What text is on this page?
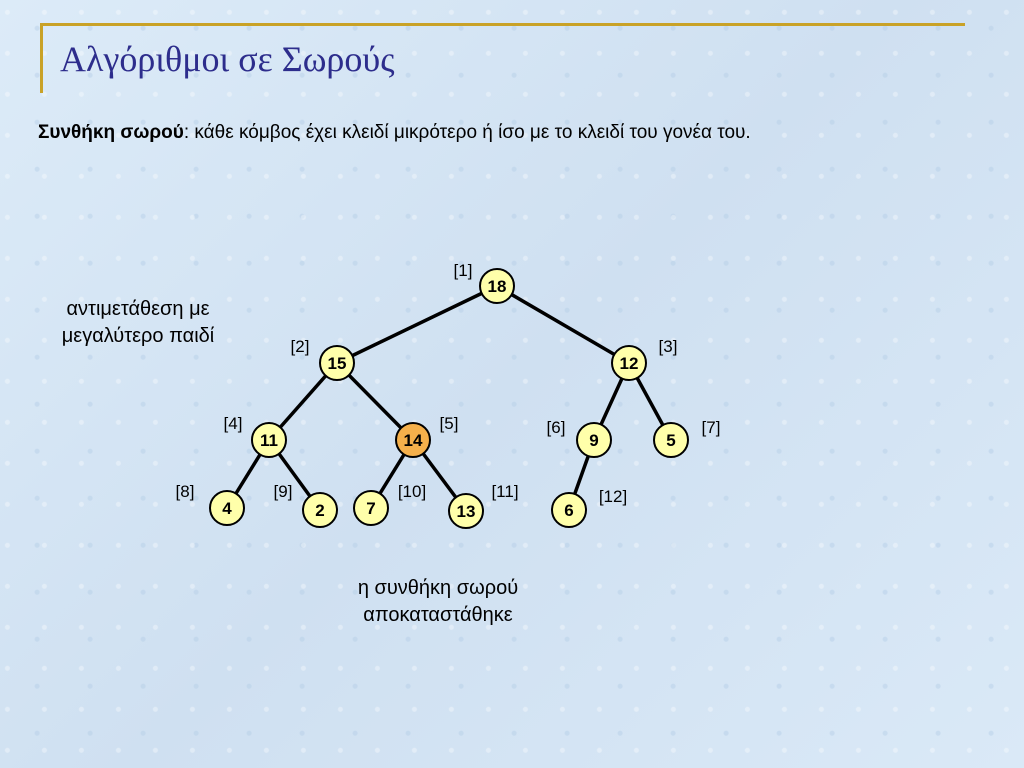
Αλγόριθμοι σε Σωρούς
Συνθήκη σωρού: κάθε κόμβος έχει κλειδί μικρότερο ή ίσο με το κλειδί του γονέα του.
αντιμετάθεση με
μεγαλύτερο παιδί
η συνθήκη σωρού
αποκαταστάθηκε
18
[1]
15
[2]
12
[3]
11
[4]
14
[5]
9
[6]
5
[7]
4
[8]
2
[9]
7
[10]
13
[11]
6
[12]
